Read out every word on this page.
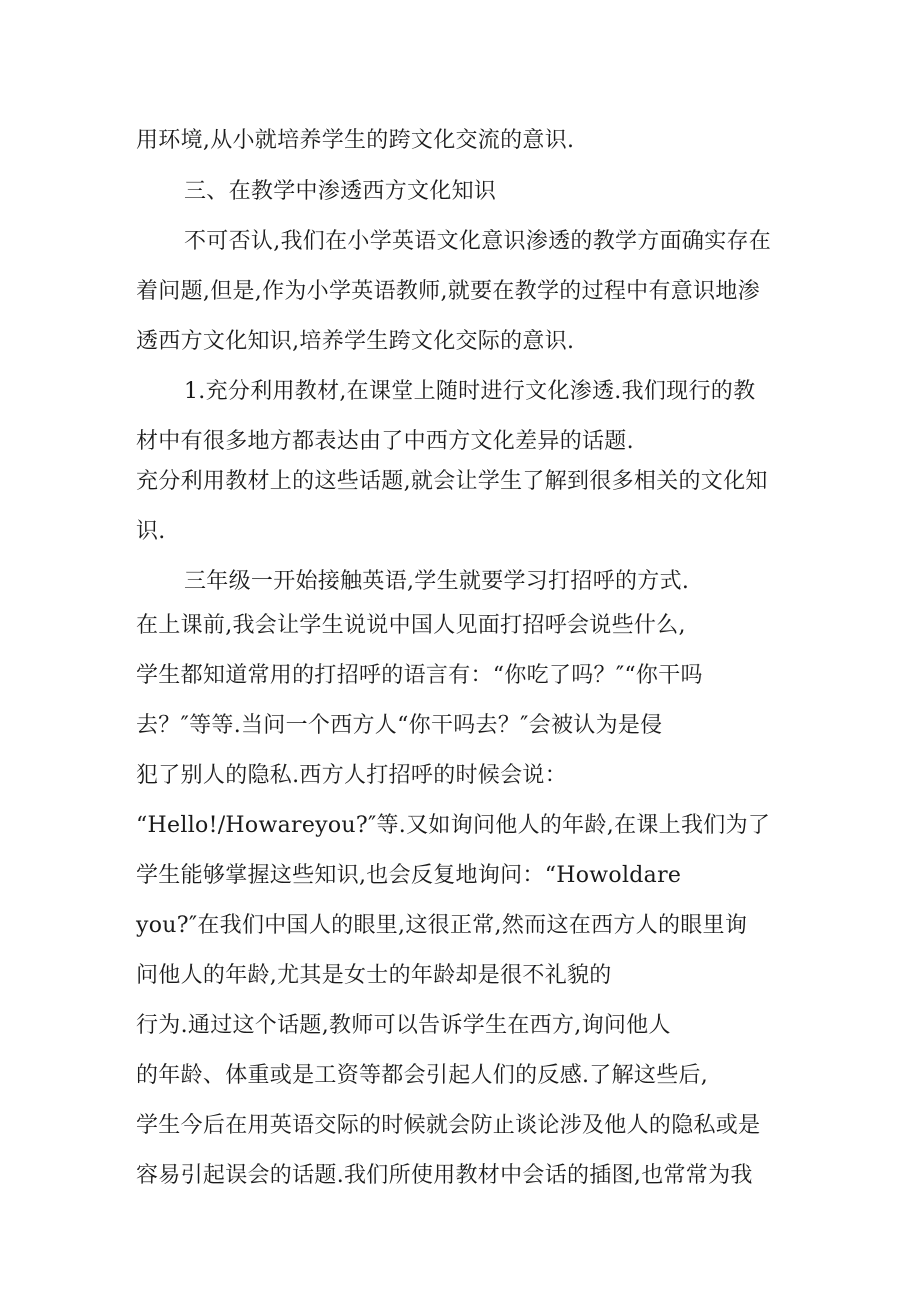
用环境,从小就培养学生的跨文化交流的意识.
三、在教学中渗透西方文化知识
不可否认,我们在小学英语文化意识渗透的教学方面确实存在
着问题,但是,作为小学英语教师,就要在教学的过程中有意识地渗
透西方文化知识,培养学生跨文化交际的意识.
1.充分利用教材,在课堂上随时进行文化渗透.我们现行的教
材中有很多地方都表达由了中西方文化差异的话题.
充分利用教材上的这些话题,就会让学生了解到很多相关的文化知
识.
三年级一开始接触英语,学生就要学习打招呼的方式.
在上课前,我会让学生说说中国人见面打招呼会说些什么,
学生都知道常用的打招呼的语言有：“你吃了吗？″“你干吗
去？″等等.当问一个西方人“你干吗去？″会被认为是侵
犯了别人的隐私.西方人打招呼的时候会说：
“Hello!/Howareyou?″等.又如询问他人的年龄,在课上我们为了
学生能够掌握这些知识,也会反复地询问：“Howoldare
you?″在我们中国人的眼里,这很正常,然而这在西方人的眼里询
问他人的年龄,尤其是女士的年龄却是很不礼貌的
行为.通过这个话题,教师可以告诉学生在西方,询问他人
的年龄、体重或是工资等都会引起人们的反感.了解这些后,
学生今后在用英语交际的时候就会防止谈论涉及他人的隐私或是
容易引起误会的话题.我们所使用教材中会话的插图,也常常为我
